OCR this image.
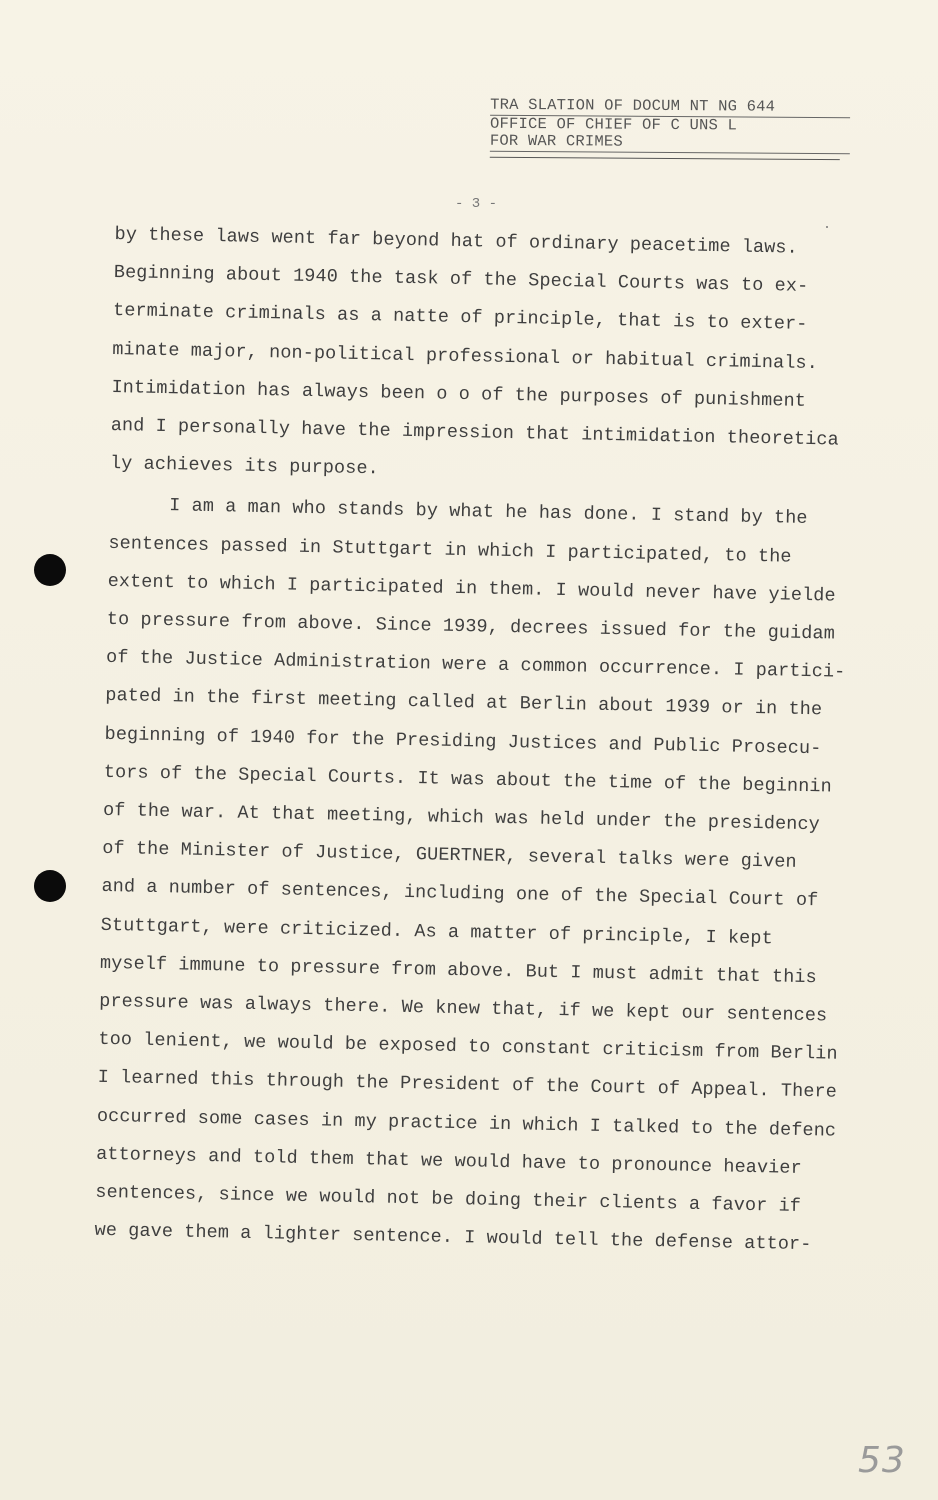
TRA SLATION OF DOCUM NT NG 644
OFFICE OF CHIEF OF C UNS L
FOR WAR CRIMES
- 3 -
by these laws went far beyond hat of ordinary peacetime laws.
Beginning about 1940 the task of the Special Courts was to ex-
terminate criminals as a natte of principle, that is to exter-
minate major, non-political professional or habitual criminals.
Intimidation has always been o o of the purposes of punishment
and I personally have the impression that intimidation theoretica
ly achieves its purpose.
I am a man who stands by what he has done. I stand by the
sentences passed in Stuttgart in which I participated, to the
extent to which I participated in them. I would never have yielde
to pressure from above. Since 1939, decrees issued for the guidam
of the Justice Administration were a common occurrence. I partici-
pated in the first meeting called at Berlin about 1939 or in the
beginning of 1940 for the Presiding Justices and Public Prosecu-
tors of the Special Courts. It was about the time of the beginnin
of the war. At that meeting, which was held under the presidency
of the Minister of Justice, GUERTNER, several talks were given
and a number of sentences, including one of the Special Court of
Stuttgart, were criticized. As a matter of principle, I kept
myself immune to pressure from above. But I must admit that this
pressure was always there. We knew that, if we kept our sentences
too lenient, we would be exposed to constant criticism from Berlin
I learned this through the President of the Court of Appeal. There
occurred some cases in my practice in which I talked to the defenc
attorneys and told them that we would have to pronounce heavier
sentences, since we would not be doing their clients a favor if
we gave them a lighter sentence. I would tell the defense attor-
53
